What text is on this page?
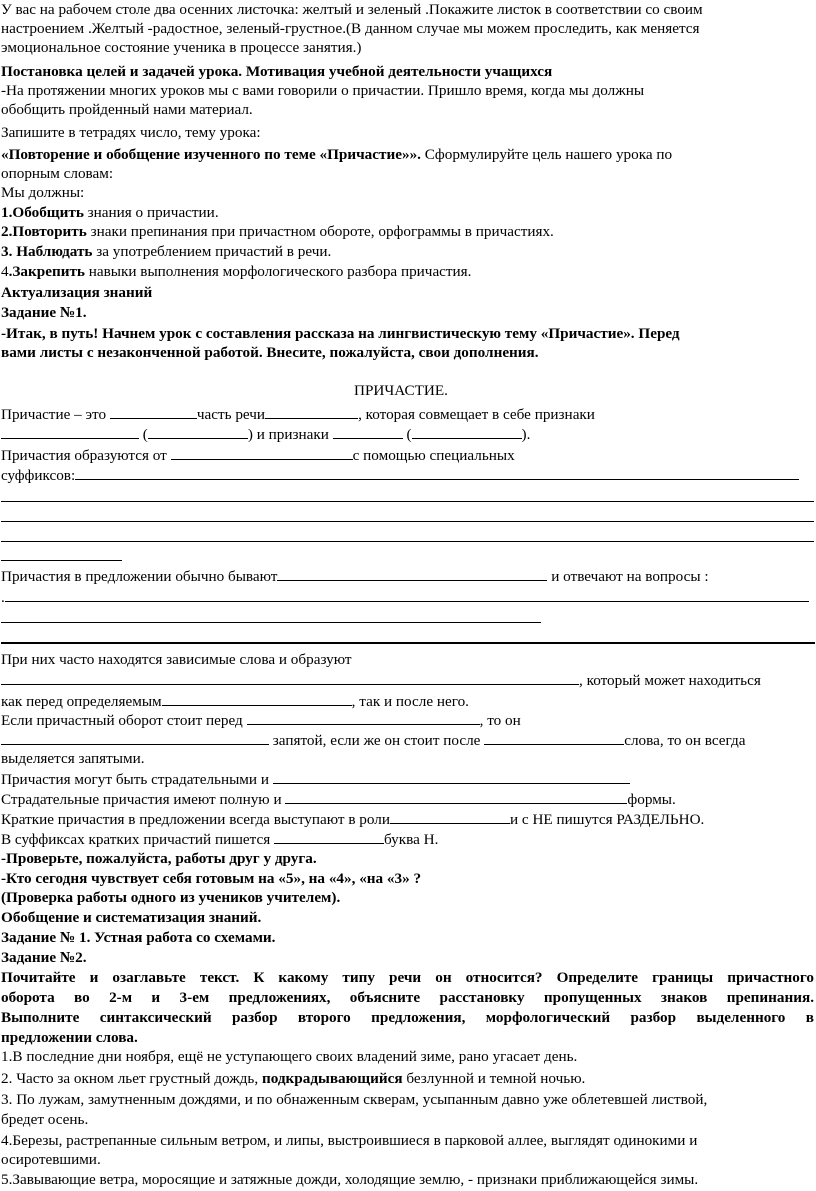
У вас на рабочем столе два осенних листочка: желтый и зеленый .Покажите листок в соответствии со своим
настроением .Желтый -радостное, зеленый-грустное.(В данном случае мы можем проследить, как меняется
эмоциональное состояние ученика в процессе занятия.)
Постановка целей и задачей урока. Мотивация учебной деятельности учащихся
-На протяжении многих уроков мы с вами говорили о причастии. Пришло время, когда мы должны
обобщить пройденный нами материал.
Запишите в тетрадях число, тему урока:
«Повторение и обобщение изученного по теме «Причастие»». Сформулируйте цель нашего урока по
опорным словам:
Мы должны:
1.Обобщить знания о причастии.
2.Повторить знаки препинания при причастном обороте, орфограммы в причастиях.
3. Наблюдать за употреблением причастий в речи.
4.Закрепить навыки выполнения морфологического разбора причастия.
Актуализация знаний
Задание №1.
-Итак, в путь! Начнем урок с составления рассказа на лингвистическую тему «Причастие». Перед
вами листы с незаконченной работой. Внесите, пожалуйста, свои дополнения.
ПРИЧАСТИЕ.
Причастие – это	часть речи	, которая совмещает в себе признаки
(	) и признаки	(	).
Причастия образуются от	с помощью специальных
суффиксов:
Причастия в предложении обычно бывают	и отвечают на вопросы :
.
При них часто находятся зависимые слова и образуют
, который может находиться
как перед определяемым	, так и после него.
Если причастный оборот стоит перед	, то он
запятой, если же он стоит после	слова, то он всегда
выделяется запятыми.
Причастия могут быть страдательными и
Страдательные причастия имеют полную и	формы.
Краткие причастия в предложении всегда выступают в роли	и с НЕ пишутся РАЗДЕЛЬНО.
В суффиксах кратких причастий пишется	буква Н.
-Проверьте, пожалуйста, работы друг у друга.
-Кто сегодня чувствует себя готовым на «5», на «4», «на «3» ?
(Проверка работы одного из учеников учителем).
Обобщение и систематизация знаний.
Задание № 1. Устная работа со схемами.
Задание №2.
Почитайте и озаглавьте текст. К какому типу речи он относится? Определите границы причастного
оборота во 2-м и 3-ем предложениях, объясните расстановку пропущенных знаков препинания.
Выполните синтаксический разбор второго предложения, морфологический разбор выделенного в
предложении слова.
1.В последние дни ноября, ещё не уступающего своих владений зиме, рано угасает день.
2. Часто за окном льет грустный дождь, подкрадывающийся безлунной и темной ночью.
3. По лужам, замутненным дождями, и по обнаженным скверам, усыпанным давно уже облетевшей листвой,
бредет осень.
4.Березы, растрепанные сильным ветром, и липы, выстроившиеся в парковой аллее, выглядят одинокими и
осиротевшими.
5.Завывающие ветра, моросящие и затяжные дожди, холодящие землю, - признаки приближающейся зимы.
